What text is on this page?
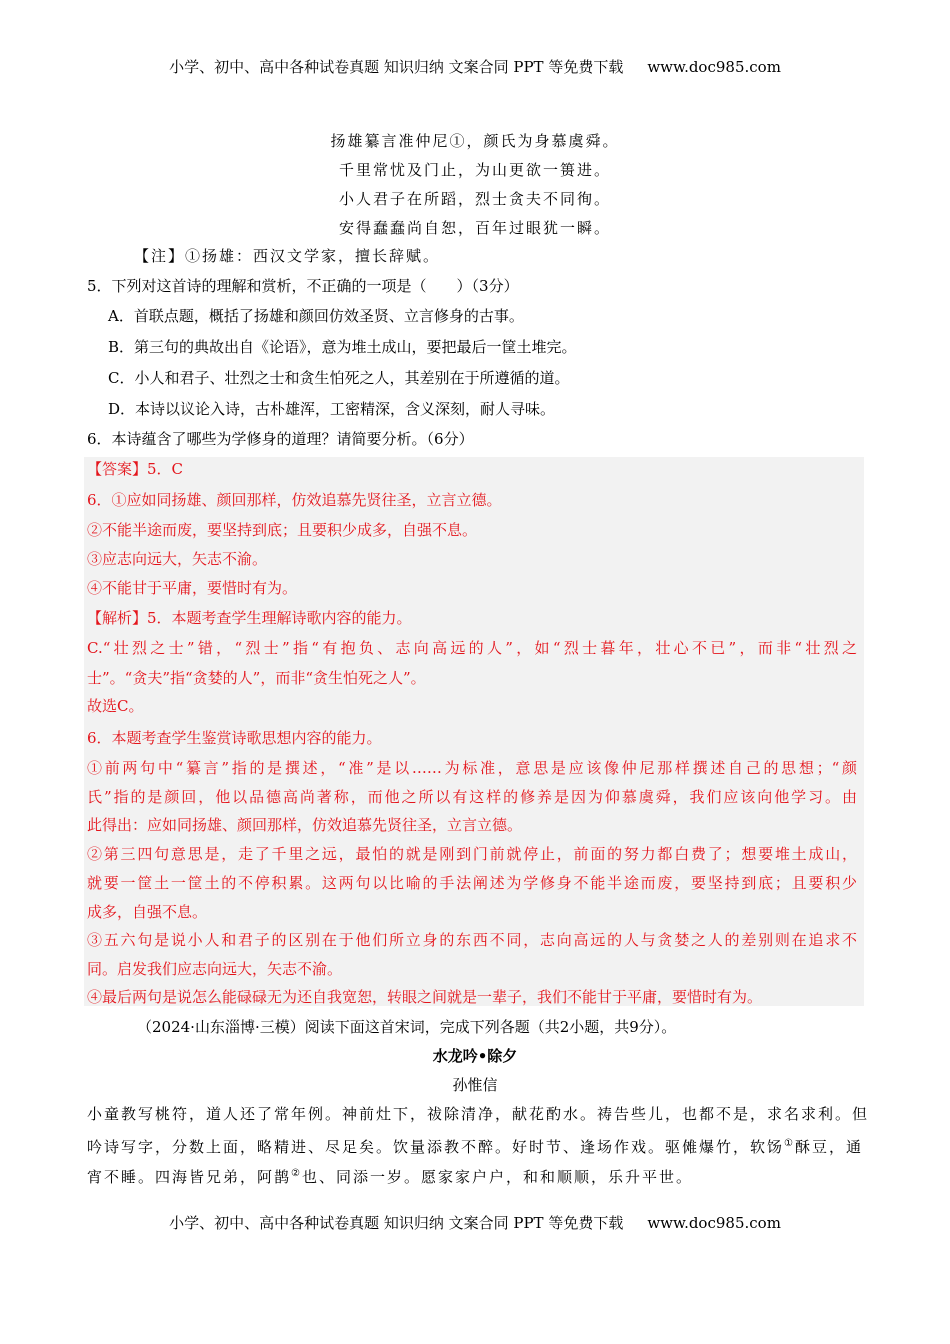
小学、初中、高中各种试卷真题 知识归纳 文案合同 PPT 等免费下载 www.doc985.com
扬雄纂言准仲尼①，颜氏为身慕虞舜。
千里常忧及门止，为山更欲一篑进。
小人君子在所蹈，烈士贪夫不同徇。
安得蠢蠢尚自恕，百年过眼犹一瞬。
【注】①扬雄：西汉文学家，擅长辞赋。
5．下列对这首诗的理解和赏析，不正确的一项是（　　）（3分）
A．首联点题，概括了扬雄和颜回仿效圣贤、立言修身的古事。
B．第三句的典故出自《论语》，意为堆土成山，要把最后一筐土堆完。
C．小人和君子、壮烈之士和贪生怕死之人，其差别在于所遵循的道。
D．本诗以议论入诗，古朴雄浑，工密精深，含义深刻，耐人寻味。
6．本诗蕴含了哪些为学修身的道理？请简要分析。（6分）
【答案】5．C
6．①应如同扬雄、颜回那样，仿效追慕先贤往圣，立言立德。
②不能半途而废，要坚持到底；且要积少成多，自强不息。
③应志向远大，矢志不渝。
④不能甘于平庸，要惜时有为。
【解析】5．本题考查学生理解诗歌内容的能力。
C.“壮烈之士”错，“烈士”指“有抱负、志向高远的人”，如“烈士暮年，壮心不已”，而非“壮烈之
士”。“贪夫”指“贪婪的人”，而非“贪生怕死之人”。
故选C。
6．本题考查学生鉴赏诗歌思想内容的能力。
①前两句中“纂言”指的是撰述，“准”是以……为标准，意思是应该像仲尼那样撰述自己的思想；“颜
氏”指的是颜回，他以品德高尚著称，而他之所以有这样的修养是因为仰慕虞舜，我们应该向他学习。由
此得出：应如同扬雄、颜回那样，仿效追慕先贤往圣，立言立德。
②第三四句意思是，走了千里之远，最怕的就是刚到门前就停止，前面的努力都白费了；想要堆土成山，
就要一筐土一筐土的不停积累。这两句以比喻的手法阐述为学修身不能半途而废，要坚持到底；且要积少
成多，自强不息。
③五六句是说小人和君子的区别在于他们所立身的东西不同，志向高远的人与贪婪之人的差别则在追求不
同。启发我们应志向远大，矢志不渝。
④最后两句是说怎么能碌碌无为还自我宽恕，转眼之间就是一辈子，我们不能甘于平庸，要惜时有为。
（2024·山东淄博·三模）阅读下面这首宋词，完成下列各题（共2小题，共9分）。
水龙吟•除夕
孙惟信
小童教写桃符，道人还了常年例。神前灶下，祓除清净，献花酌水。祷告些儿，也都不是，求名求利。但
吟诗写字，分数上面，略精进、尽足矣。饮量添教不醉。好时节、逢场作戏。驱傩爆竹，软饧①酥豆，通
宵不睡。四海皆兄弟，阿鹊②也、同添一岁。愿家家户户，和和顺顺，乐升平世。
小学、初中、高中各种试卷真题 知识归纳 文案合同 PPT 等免费下载 www.doc985.com
